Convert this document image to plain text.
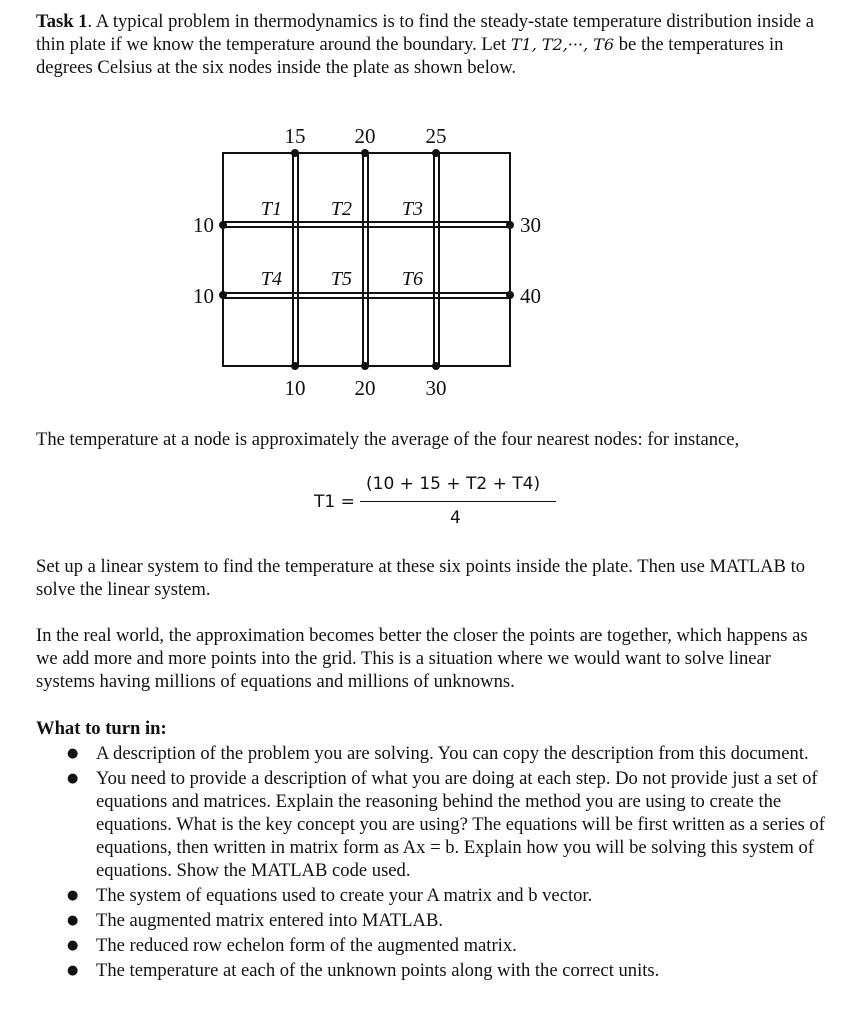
Task 1. A typical problem in thermodynamics is to find the steady-state temperature distribution inside a thin plate if we know the temperature around the boundary. Let T1, T2,···, T6 be the temperatures in degrees Celsius at the six nodes inside the plate as shown below.

15 20 25
10 20 30
10
10
30
40
T1 T2 T3
T4 T5 T6

The temperature at a node is approximately the average of the four nearest nodes: for instance,

T1 =
(10 + 15 + T2 + T4)
4

Set up a linear system to find the temperature at these six points inside the plate. Then use MATLAB to solve the linear system.

In the real world, the approximation becomes better the closer the points are together, which happens as we add more and more points into the grid. This is a situation where we would want to solve linear systems having millions of equations and millions of unknowns.

What to turn in:

● A description of the problem you are solving. You can copy the description from this document.
● You need to provide a description of what you are doing at each step. Do not provide just a set of equations and matrices. Explain the reasoning behind the method you are using to create the equations. What is the key concept you are using? The equations will be first written as a series of equations, then written in matrix form as Ax = b. Explain how you will be solving this system of equations. Show the MATLAB code used.
● The system of equations used to create your A matrix and b vector.
● The augmented matrix entered into MATLAB.
● The reduced row echelon form of the augmented matrix.
● The temperature at each of the unknown points along with the correct units.
